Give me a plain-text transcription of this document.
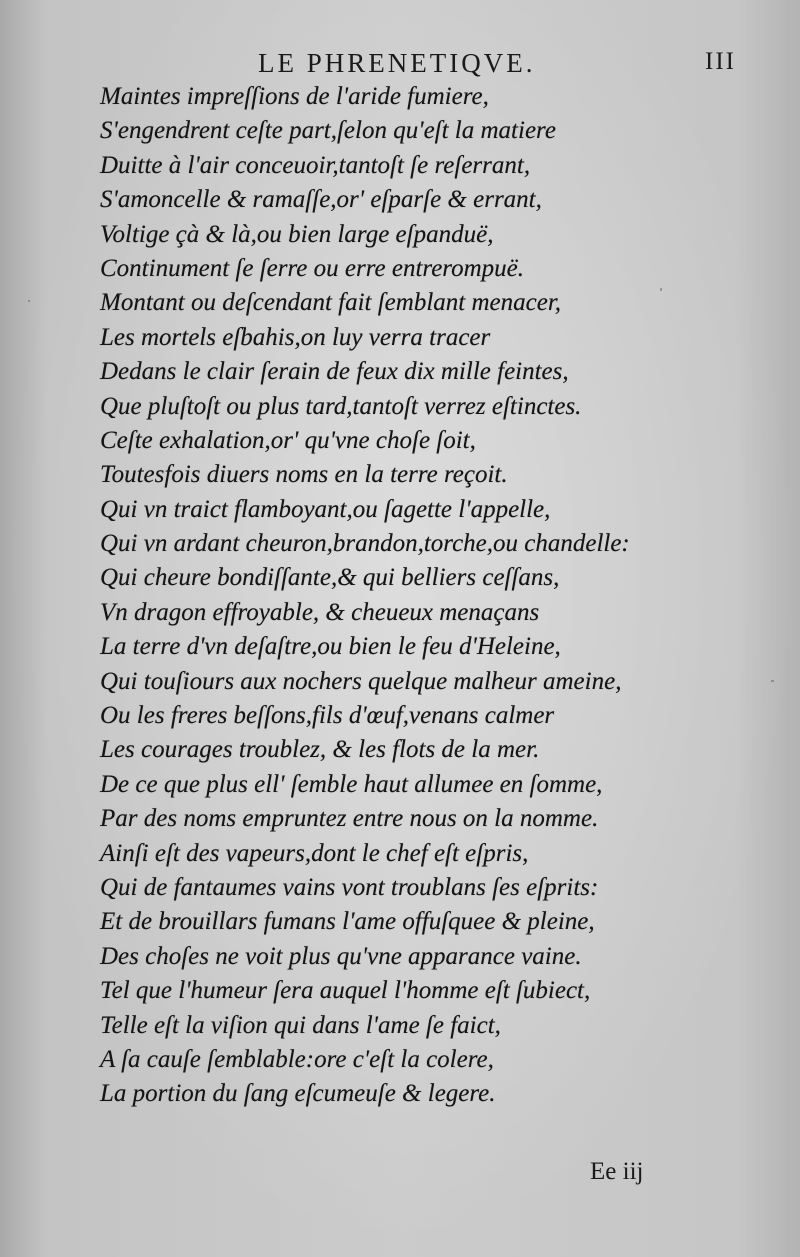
LE PHRENETIQVE.	III
Maintes impreſſions de l'aride fumiere,
S'engendrent ceſte part,ſelon qu'eſt la matiere
Duitte à l'air conceuoir,tantoſt ſe reſerrant,
S'amoncelle & ramaſſe,or' eſparſe & errant,
Voltige çà & là,ou bien large eſpanduë,
Continument ſe ſerre ou erre entrerompuë.
Montant ou deſcendant fait ſemblant menacer,
Les mortels eſbahis,on luy verra tracer
Dedans le clair ſerain de feux dix mille feintes,
Que pluſtoſt ou plus tard,tantoſt verrez eſtinctes.
Ceſte exhalation,or' qu'vne choſe ſoit,
Toutesfois diuers noms en la terre reçoit.
Qui vn traict flamboyant,ou ſagette l'appelle,
Qui vn ardant cheuron,brandon,torche,ou chandelle:
Qui cheure bondiſſante,& qui belliers ceſſans,
Vn dragon effroyable, & cheueux menaçans
La terre d'vn deſaſtre,ou bien le feu d'Heleine,
Qui touſiours aux nochers quelque malheur ameine,
Ou les freres beſſons,fils d'œuf,venans calmer
Les courages troublez, & les flots de la mer.
De ce que plus ell' ſemble haut allumee en ſomme,
Par des noms empruntez entre nous on la nomme.
Ainſi eſt des vapeurs,dont le chef eſt eſpris,
Qui de fantaumes vains vont troublans ſes eſprits:
Et de brouillars fumans l'ame offuſquee & pleine,
Des choſes ne voit plus qu'vne apparance vaine.
Tel que l'humeur ſera auquel l'homme eſt ſubiect,
Telle eſt la viſion qui dans l'ame ſe faict,
A ſa cauſe ſemblable:ore c'eſt la colere,
La portion du ſang eſcumeuſe & legere.
Ee iij
